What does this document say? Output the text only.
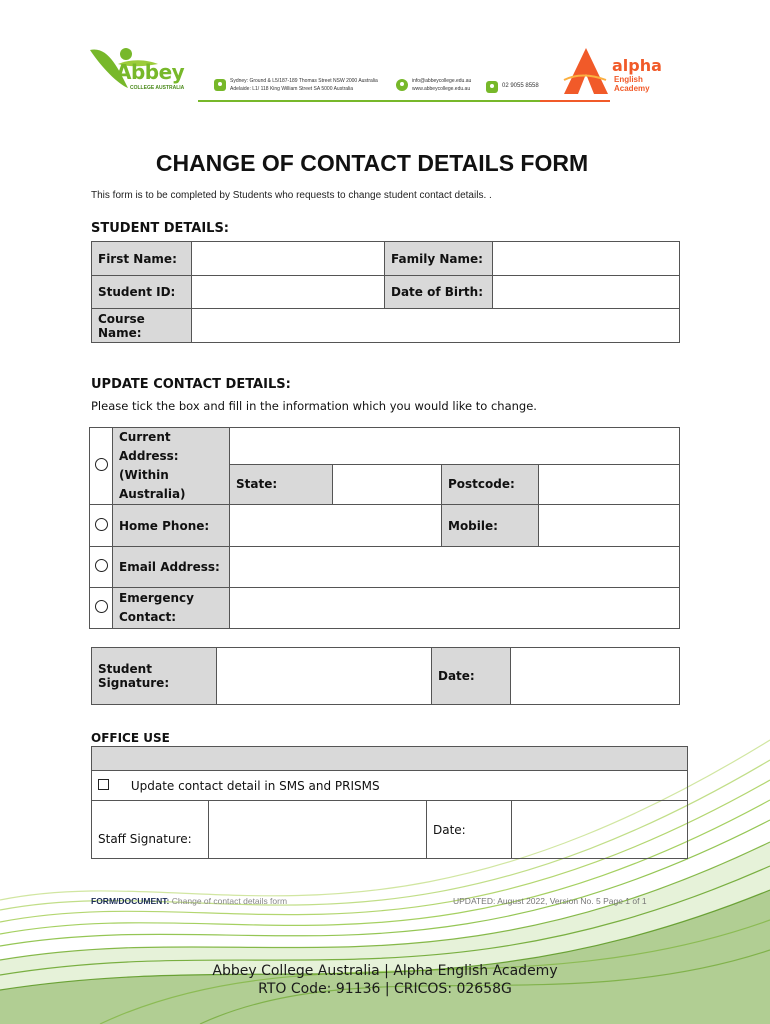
Abbey
COLLEGE AUSTRALIA
Sydney: Ground & L5/187-189 Thomas Street NSW 2000 Australia
Adelaide: L1/ 118 King William Street SA 5000 Australia
info@abbeycollege.edu.au
www.abbeycollege.edu.au	02 9055 8558
alpha
English
Academy
CHANGE OF CONTACT DETAILS FORM
This form is to be completed by Students who requests to change student contact details. .
STUDENT DETAILS:
First Name:		Family Name:	
Student ID:		Date of Birth:	
Course Name:			
UPDATE CONTACT DETAILS:
Please tick the box and fill in the information which you would like to change.

	Current Address:
(Within Australia)				

		State:		Postcode:	
	Home Phone:			Mobile:	
	Email Address:				

	Emergency
Contact:				

Student Signature:		Date:	
OFFICE USE

Update contact detail in SMS and PRISMS
Staff Signature:		Date:	
FORM/DOCUMENT: Change of contact details form	UPDATED: August 2022, Version No. 5 Page 1 of 1
Abbey College Australia | Alpha English Academy
RTO Code: 91136 | CRICOS: 02658G
